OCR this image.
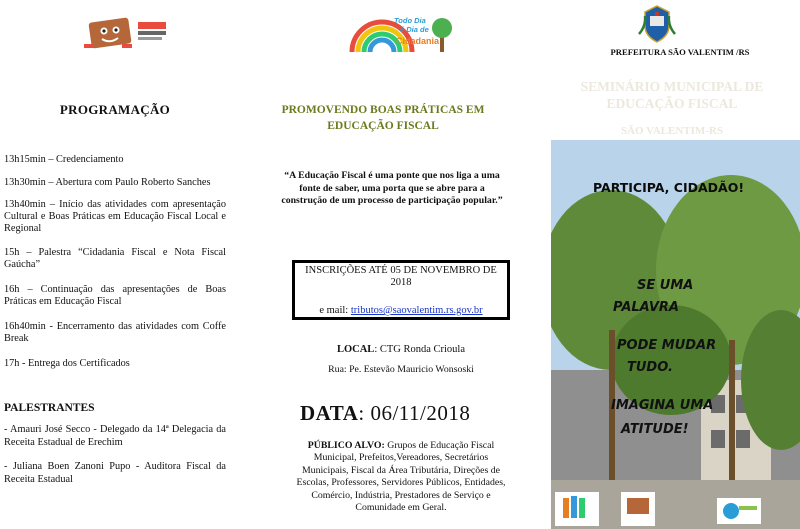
PROGRAMAÇÃO
13h15min – Credenciamento
13h30min – Abertura com Paulo Roberto Sanches
13h40min – Início das atividades com apresentação Cultural e Boas Práticas em Educação Fiscal Local e Regional
15h – Palestra “Cidadania Fiscal e Nota Fiscal Gaúcha”
16h – Continuação das apresentações de Boas Práticas em Educação Fiscal
16h40min - Encerramento das atividades com Coffe Break
17h - Entrega dos Certificados
PALESTRANTES
- Amauri José Secco - Delegado da 14ª Delegacia da Receita Estadual de Erechim
- Juliana Boen Zanoni Pupo - Auditora Fiscal da Receita Estadual
Todo Dia
é Dia de
Cidadania
PROMOVENDO BOAS PRÁTICAS EM EDUCAÇÃO FISCAL
“A Educação Fiscal é uma ponte que nos liga a uma fonte de saber, uma porta que se abre para a construção de um processo de participação popular.”
INSCRIÇÕES ATÉ 05 DE NOVEMBRO DE 2018
e mail: tributos@saovalentim.rs.gov.br
LOCAL: CTG Ronda Crioula
Rua: Pe. Estevão Mauricio Wonsoski
DATA: 06/11/2018
PÚBLICO ALVO: Grupos de Educação Fiscal Municipal, Prefeitos,Vereadores, Secretários Municipais, Fiscal da Área Tributária, Direções de Escolas, Professores, Servidores Públicos, Entidades, Comércio, Indústria, Prestadores de Serviço e Comunidade em Geral.
PREFEITURA SÃO VALENTIM /RS
SEMINÁRIO MUNICIPAL DE EDUCAÇÃO FISCAL
SÃO VALENTIM-RS
PARTICIPA, CIDADÃO!
SE UMA
PALAVRA
PODE MUDAR
TUDO.
IMAGINA UMA
ATITUDE!
